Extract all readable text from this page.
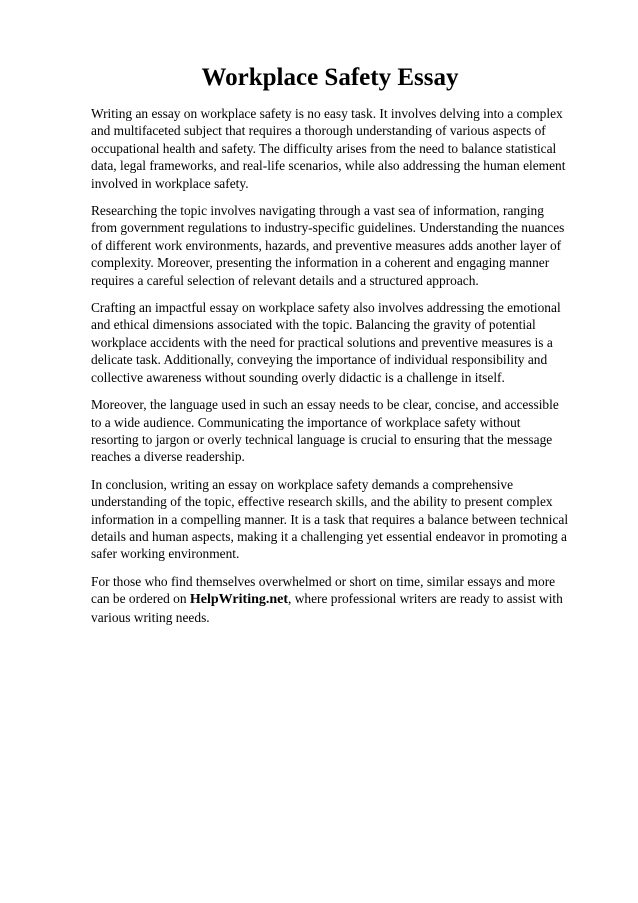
Workplace Safety Essay

Writing an essay on workplace safety is no easy task. It involves delving into a complex and multifaceted subject that requires a thorough understanding of various aspects of occupational health and safety. The difficulty arises from the need to balance statistical data, legal frameworks, and real-life scenarios, while also addressing the human element involved in workplace safety.

Researching the topic involves navigating through a vast sea of information, ranging from government regulations to industry-specific guidelines. Understanding the nuances of different work environments, hazards, and preventive measures adds another layer of complexity. Moreover, presenting the information in a coherent and engaging manner requires a careful selection of relevant details and a structured approach.

Crafting an impactful essay on workplace safety also involves addressing the emotional and ethical dimensions associated with the topic. Balancing the gravity of potential workplace accidents with the need for practical solutions and preventive measures is a delicate task. Additionally, conveying the importance of individual responsibility and collective awareness without sounding overly didactic is a challenge in itself.

Moreover, the language used in such an essay needs to be clear, concise, and accessible to a wide audience. Communicating the importance of workplace safety without resorting to jargon or overly technical language is crucial to ensuring that the message reaches a diverse readership.

In conclusion, writing an essay on workplace safety demands a comprehensive understanding of the topic, effective research skills, and the ability to present complex information in a compelling manner. It is a task that requires a balance between technical details and human aspects, making it a challenging yet essential endeavor in promoting a safer working environment.

For those who find themselves overwhelmed or short on time, similar essays and more can be ordered on HelpWriting.net, where professional writers are ready to assist with various writing needs.
